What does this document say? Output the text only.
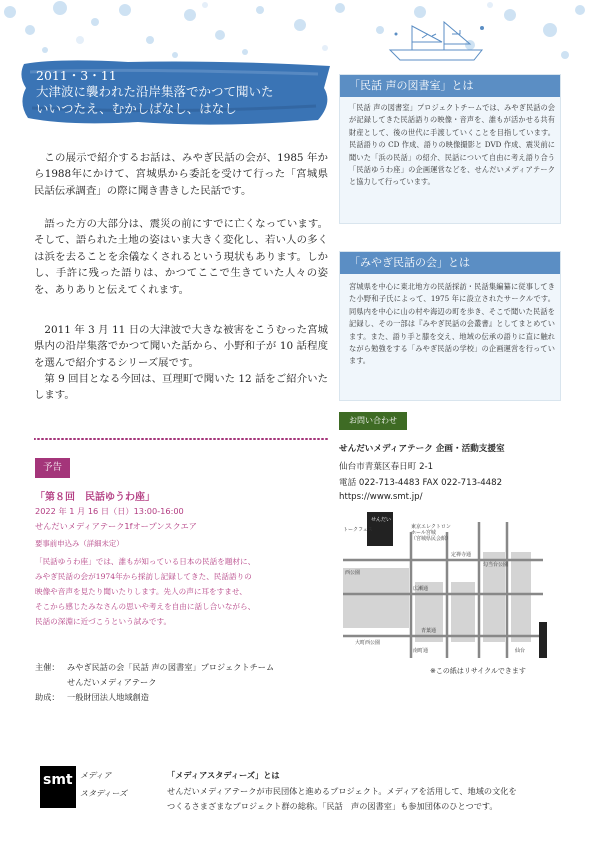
2011・3・11
大津波に襲われた沿岸集落でかつて聞いた
いいつたえ、むかしばなし、はなし

この展示で紹介するお話は、みやぎ民話の会が、1985 年から1988年にかけて、宮城県から委託を受けて行った「宮城県民話伝承調査」の際に聞き書きした民話です。

語った方の大部分は、震災の前にすでに亡くなっています。そして、語られた土地の姿はいま大きく変化し、若い人の多くは浜を去ることを余儀なくされるという現状もあります。しかし、手許に残った語りは、かつてここで生きていた人々の姿を、ありありと伝えてくれます。

2011 年 3 月 11 日の大津波で大きな被害をこうむった宮城県内の沿岸集落でかつて聞いた話から、小野和子が 10 話程度を選んで紹介するシリーズ展です。

第 9 回目となる今回は、亘理町で聞いた 12 話をご紹介いたします。

「民話 声の図書室」とは
「民話 声の図書室」プロジェクトチームでは、みやぎ民話の会が記録してきた民話語りの映像・音声を、誰もが活かせる共有財産として、後の世代に手渡していくことを目指しています。民話語りの CD 作成、語りの映像撮影と DVD 作成、震災前に聞いた「浜の民話」の紹介、民話について自由に考え語り合う「民話ゆうわ座」の企画運営などを、せんだいメディアテークと協力して行っています。
「みやぎ民話の会」とは
宮城県を中心に東北地方の民話採訪・民話集編纂に従事してきた小野和子氏によって、1975 年に設立されたサークルです。同県内を中心に山の村や海辺の町を歩き、そこで聞いた民話を記録し、その一部は『みやぎ民話の会叢書』としてまとめています。また、語り手と膝を交え、地域の伝承の語りに直に触れながら勉強をする「みやぎ民話の学校」の企画運営を行っています。
お問い合わせ
せんだいメディアテーク 企画・活動支援室
仙台市青葉区春日町 2-1
電話 022-713-4483 FAX 022-713-4482
https://www.smt.jp/
予告
「第８回　民話ゆうわ座」
2022 年 1 月 16 日（日）13:00-16:00
せんだいメディアテーク1fオープンスクエア
要事前申込み（詳細未定）
「民話ゆうわ座」では、誰もが知っている日本の民話を題材に、
みやぎ民話の会が1974年から採訪し記録してきた、民話語りの
映像や音声を見たり聞いたりします。先人の声に耳をすませ、
そこから感じたみなさんの思いや考えを自由に話し合いながら、
民話の深淵に近づこうという試みです。
主催： みやぎ民話の会「民話 声の図書室」プロジェクトチーム
せんだいメディアテーク
助成： 一般財団法人地域創造
せんだい
トークフェス	東京エレクトロン
ホール宮城
（宮城県民会館）
定禅寺通
勾当台公園
西公園
広瀬通
青葉通
大町西公園
南町通	仙台
※この紙はリサイクルできます
smt メディア
スタディーズ
「メディアスタディーズ」とは
せんだいメディアテークが市民団体と進めるプロジェクト。メディアを活用して、地域の文化を
つくるさまざまなプロジェクト群の総称。「民話　声の図書室」も参加団体のひとつです。
